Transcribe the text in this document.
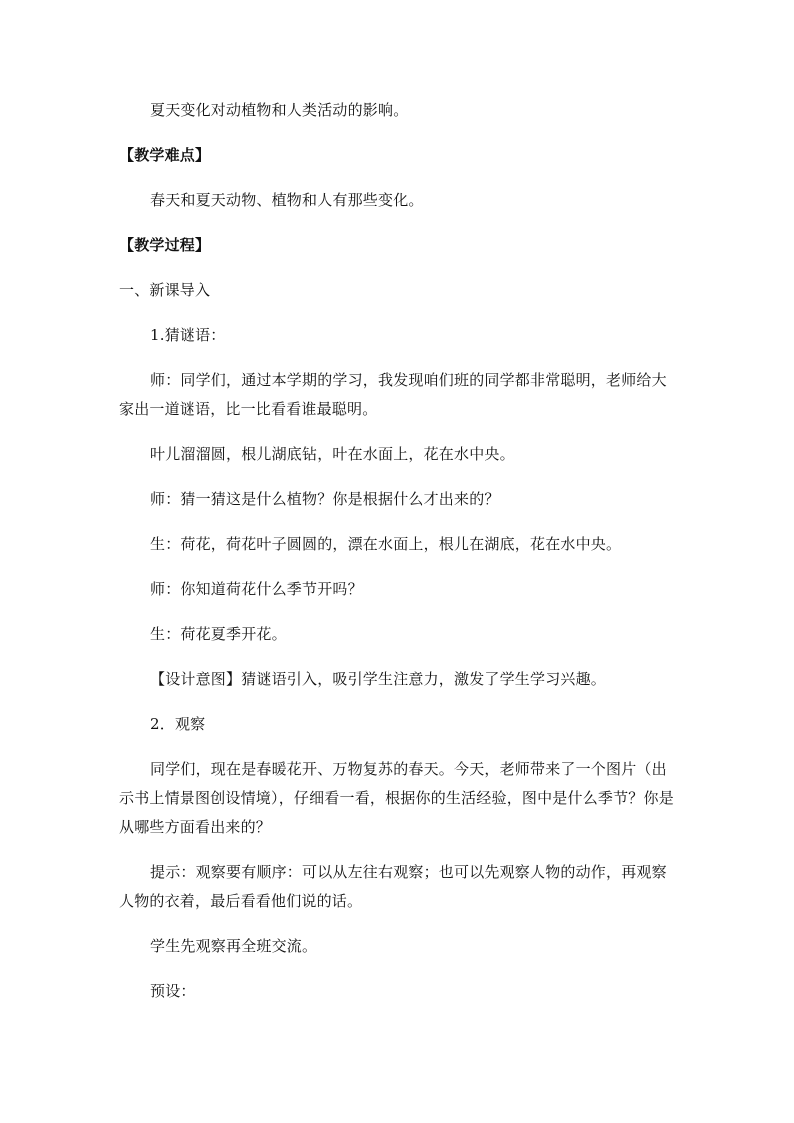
夏天变化对动植物和人类活动的影响。

【教学难点】

春天和夏天动物、植物和人有那些变化。

【教学过程】

一、新课导入

1.猜谜语：

师：同学们，通过本学期的学习，我发现咱们班的同学都非常聪明，老师给大家出一道谜语，比一比看看谁最聪明。

叶儿溜溜圆，根儿湖底钻，叶在水面上，花在水中央。

师：猜一猜这是什么植物？你是根据什么才出来的？

生：荷花，荷花叶子圆圆的，漂在水面上，根儿在湖底，花在水中央。

师：你知道荷花什么季节开吗？

生：荷花夏季开花。

【设计意图】猜谜语引入，吸引学生注意力，激发了学生学习兴趣。

2．观察

同学们，现在是春暖花开、万物复苏的春天。今天，老师带来了一个图片（出示书上情景图创设情境），仔细看一看，根据你的生活经验，图中是什么季节？你是从哪些方面看出来的？

提示：观察要有顺序：可以从左往右观察；也可以先观察人物的动作，再观察人物的衣着，最后看看他们说的话。

学生先观察再全班交流。

预设：
